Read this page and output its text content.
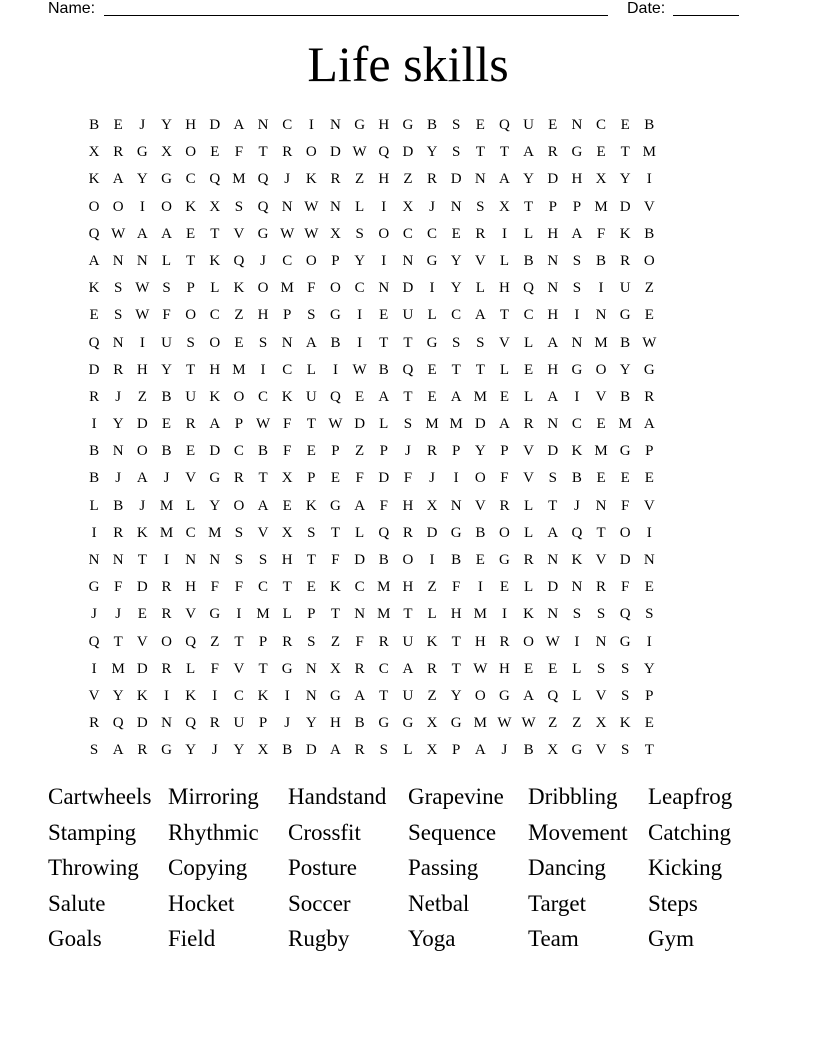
Name:	Date:
Life skills
B E	J	Y H D A N C	I	N G H G B S	E Q U E N C E B
X R G X O E	F	T R O D W Q D Y S	T T A R G E T M
K A Y G C Q M Q	J	K R Z H Z R D N A Y D H X Y	I
O O	I	O K X S Q N W N L	I	X	J	N S X T	P	P M D V
Q W A A E T V G W W X S O C C E R	I	L H A F K B
A N N L T K Q	J	C O P Y	I	N G Y V L B N S B R O
K S W S	P	L K O M F O C N D	I	Y L H Q N S	I	U Z
E	S W F O C Z H P	S G	I	E U L C A T C H	I	N G E
Q N	I	U S O E	S N A B	I	T T G S	S V L A N M B W
D R H Y T H M I	C L	I W B Q E T T L E H G O Y G
R	J	Z B U K O C K U Q E A T E A M E L A	I	V B R
I	Y D E R A P W F	T W D L	S M M D A R N C E M A
B N O B E D C B F	E	P	Z	P	J	R P Y P V D K M G P
B	J	A	J	V G R T X P	E	F D F	J	I	O F V S B E E E
L B	J M L Y O A E K G A F H X N V R L T	J	N F V
I	R K M C M S V X S	T L Q R D G B O L A Q T O	I
N N T	I	N N S	S H T	F D B O	I	B E G R N K V D N
G F D R H F	F C T E K C M H Z	F	I	E L D N R F	E
J	J	E R V G	I M L	P	T N M T L H M I	K N S	S Q S
Q T V O Q Z T	P R S	Z	F R U K T H R O W I	N G	I
I M D R L	F V T G N X R C A R T W H E E L	S	S Y
V Y K	I	K	I	C K	I	N G A T U Z Y O G A Q L V S	P
R Q D N Q R U P	J	Y H B G G X G M W W Z Z X K E
S A R G Y	J	Y X B D A R S	L X P A	J	B X G V S	T
Cartwheels Mirroring	Handstand Grapevine	Dribbling	Leapfrog
Stamping	Rhythmic	Crossfit	Sequence	Movement Catching
Throwing	Copying	Posture	Passing	Dancing	Kicking
Salute	Hocket	Soccer	Netbal	Target	Steps
Goals	Field	Rugby	Yoga	Team	Gym
